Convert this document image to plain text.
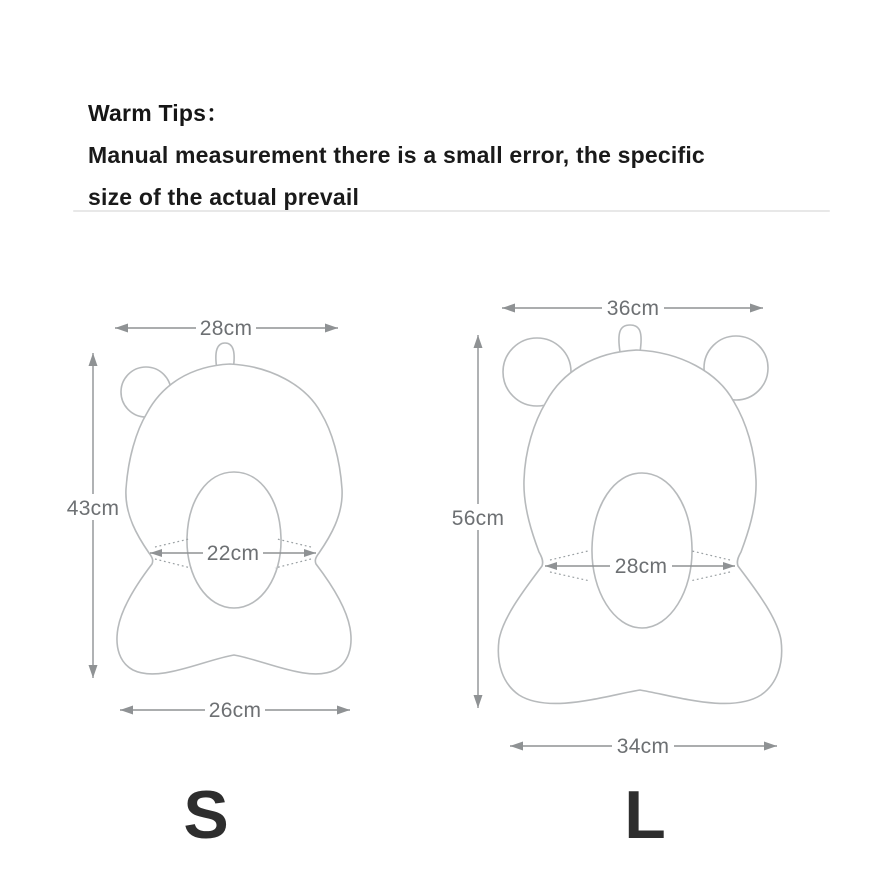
Warm Tips：
Manual measurement there is a small error, the specific
size of the actual prevail
28cm
43cm
22cm
26cm
36cm
56cm
28cm
34cm
S	L
